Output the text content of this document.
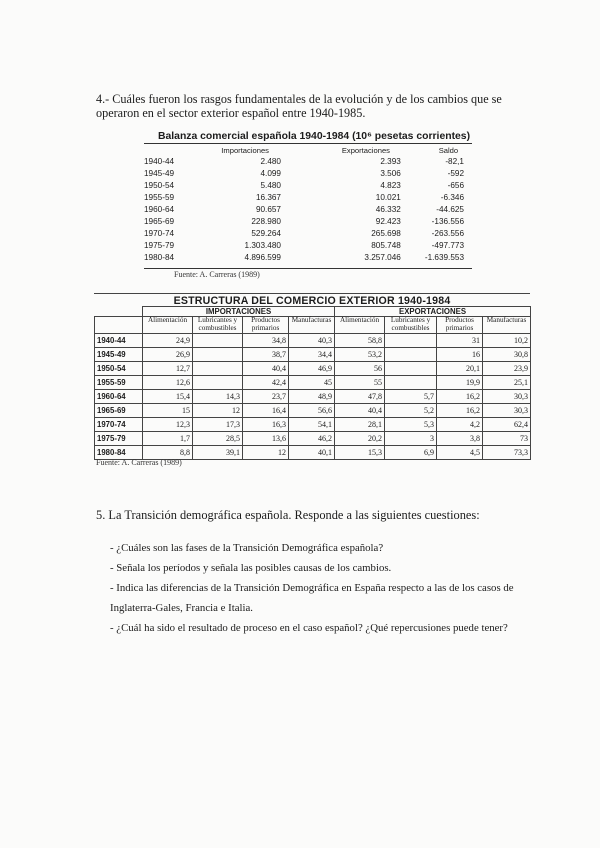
4.- Cuáles fueron los rasgos fundamentales de la evolución y de los cambios que se operaron en el sector exterior español entre 1940-1985.
Balanza comercial española 1940-1984 (10⁶ pesetas corrientes)
	Importaciones	Exportaciones	Saldo
1940-44	2.480	2.393	-82,1
1945-49	4.099	3.506	-592
1950-54	5.480	4.823	-656
1955-59	16.367	10.021	-6.346
1960-64	90.657	46.332	-44.625
1965-69	228.980	92.423	-136.556
1970-74	529.264	265.698	-263.556
1975-79	1.303.480	805.748	-497.773
1980-84	4.896.599	3.257.046	-1.639.553
Fuente: A. Carreras (1989)
ESTRUCTURA DEL COMERCIO EXTERIOR 1940-1984
	IMPORTACIONES				EXPORTACIONES			
	Alimentación	Lubricantes y combustibles	Productos primarios	Manufacturas	Alimentación	Lubricantes y combustibles	Productos primarios	Manufacturas
1940-44	24,9		34,8	40,3	58,8		31	10,2
1945-49	26,9		38,7	34,4	53,2		16	30,8
1950-54	12,7		40,4	46,9	56		20,1	23,9
1955-59	12,6		42,4	45	55		19,9	25,1
1960-64	15,4	14,3	23,7	48,9	47,8	5,7	16,2	30,3
1965-69	15	12	16,4	56,6	40,4	5,2	16,2	30,3
1970-74	12,3	17,3	16,3	54,1	28,1	5,3	4,2	62,4
1975-79	1,7	28,5	13,6	46,2	20,2	3	3,8	73
1980-84	8,8	39,1	12	40,1	15,3	6,9	4,5	73,3
Fuente: A. Carreras (1989)
5. La Transición demográfica española. Responde a las siguientes cuestiones:
- ¿Cuáles son las fases de la Transición Demográfica española?
- Señala los períodos y señala las posibles causas de los cambios.
- Indica las diferencias de la Transición Demográfica en España respecto a las de los casos de Inglaterra-Gales, Francia e Italia.
- ¿Cuál ha sido el resultado de proceso en el caso español? ¿Qué repercusiones puede tener?
